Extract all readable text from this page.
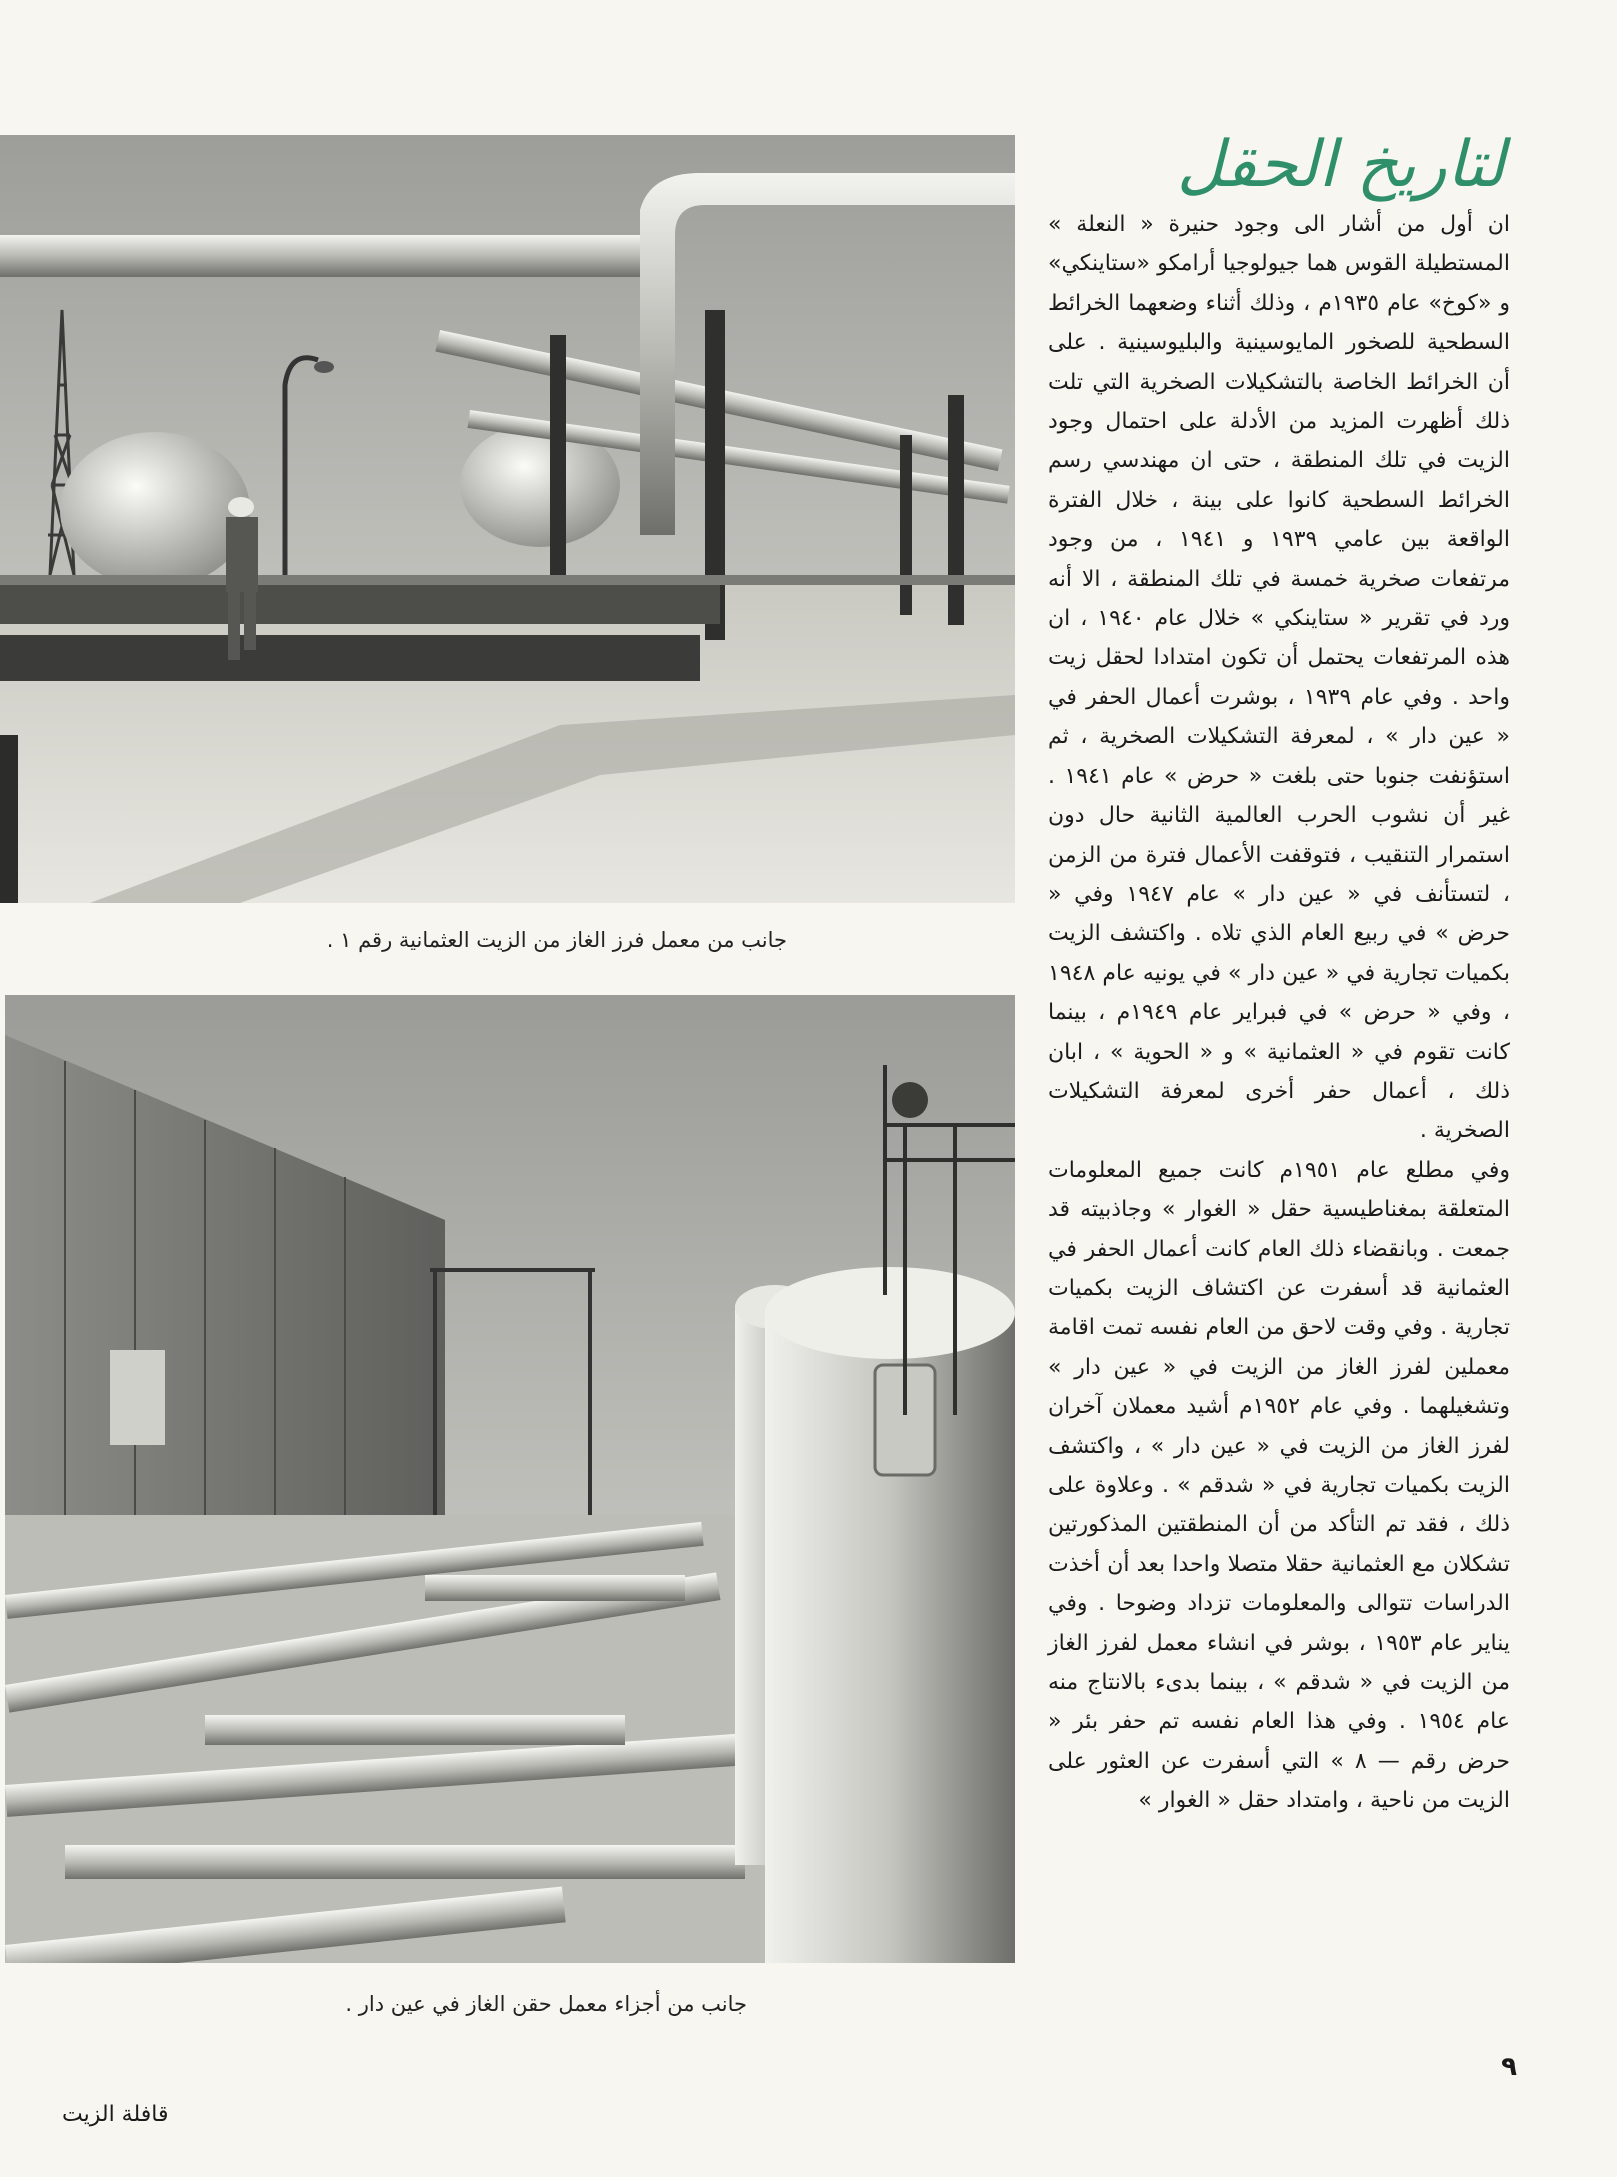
جانب من معمل فرز الغاز من الزيت العثمانية رقم ١ .
جانب من أجزاء معمل حقن الغاز في عين دار .
لتاريخ الحقل

ان أول من أشار الى وجود حنيرة « النعلة » المستطيلة القوس هما جيولوجيا أرامكو «ستاينكي» و «كوخ» عام ١٩٣٥م ، وذلك أثناء وضعهما الخرائط السطحية للصخور المايوسينية والبليوسينية . على أن الخرائط الخاصة بالتشكيلات الصخرية التي تلت ذلك أظهرت المزيد من الأدلة على احتمال وجود الزيت في تلك المنطقة ، حتى ان مهندسي رسم الخرائط السطحية كانوا على بينة ، خلال الفترة الواقعة بين عامي ١٩٣٩ و ١٩٤١ ، من وجود مرتفعات صخرية خمسة في تلك المنطقة ، الا أنه ورد في تقرير « ستاينكي » خلال عام ١٩٤٠ ، ان هذه المرتفعات يحتمل أن تكون امتدادا لحقل زيت واحد . وفي عام ١٩٣٩ ، بوشرت أعمال الحفر في « عين دار » ، لمعرفة التشكيلات الصخرية ، ثم استؤنفت جنوبا حتى بلغت « حرض » عام ١٩٤١ . غير أن نشوب الحرب العالمية الثانية حال دون استمرار التنقيب ، فتوقفت الأعمال فترة من الزمن ، لتستأنف في « عين دار » عام ١٩٤٧ وفي « حرض » في ربيع العام الذي تلاه . واكتشف الزيت بكميات تجارية في « عين دار » في يونيه عام ١٩٤٨ ، وفي « حرض » في فبراير عام ١٩٤٩م ، بينما كانت تقوم في « العثمانية » و « الحوية » ، ابان ذلك ، أعمال حفر أخرى لمعرفة التشكيلات الصخرية .

وفي مطلع عام ١٩٥١م كانت جميع المعلومات المتعلقة بمغناطيسية حقل « الغوار » وجاذبيته قد جمعت . وبانقضاء ذلك العام كانت أعمال الحفر في العثمانية قد أسفرت عن اكتشاف الزيت بكميات تجارية . وفي وقت لاحق من العام نفسه تمت اقامة معملين لفرز الغاز من الزيت في « عين دار » وتشغيلهما . وفي عام ١٩٥٢م أشيد معملان آخران لفرز الغاز من الزيت في « عين دار » ، واكتشف الزيت بكميات تجارية في « شدقم » . وعلاوة على ذلك ، فقد تم التأكد من أن المنطقتين المذكورتين تشكلان مع العثمانية حقلا متصلا واحدا بعد أن أخذت الدراسات تتوالى والمعلومات تزداد وضوحا . وفي يناير عام ١٩٥٣ ، بوشر في انشاء معمل لفرز الغاز من الزيت في « شدقم » ، بينما بدىء بالانتاج منه عام ١٩٥٤ . وفي هذا العام نفسه تم حفر بئر « حرض رقم — ٨ » التي أسفرت عن العثور على الزيت من ناحية ، وامتداد حقل « الغوار »

٩
قافلة الزيت
